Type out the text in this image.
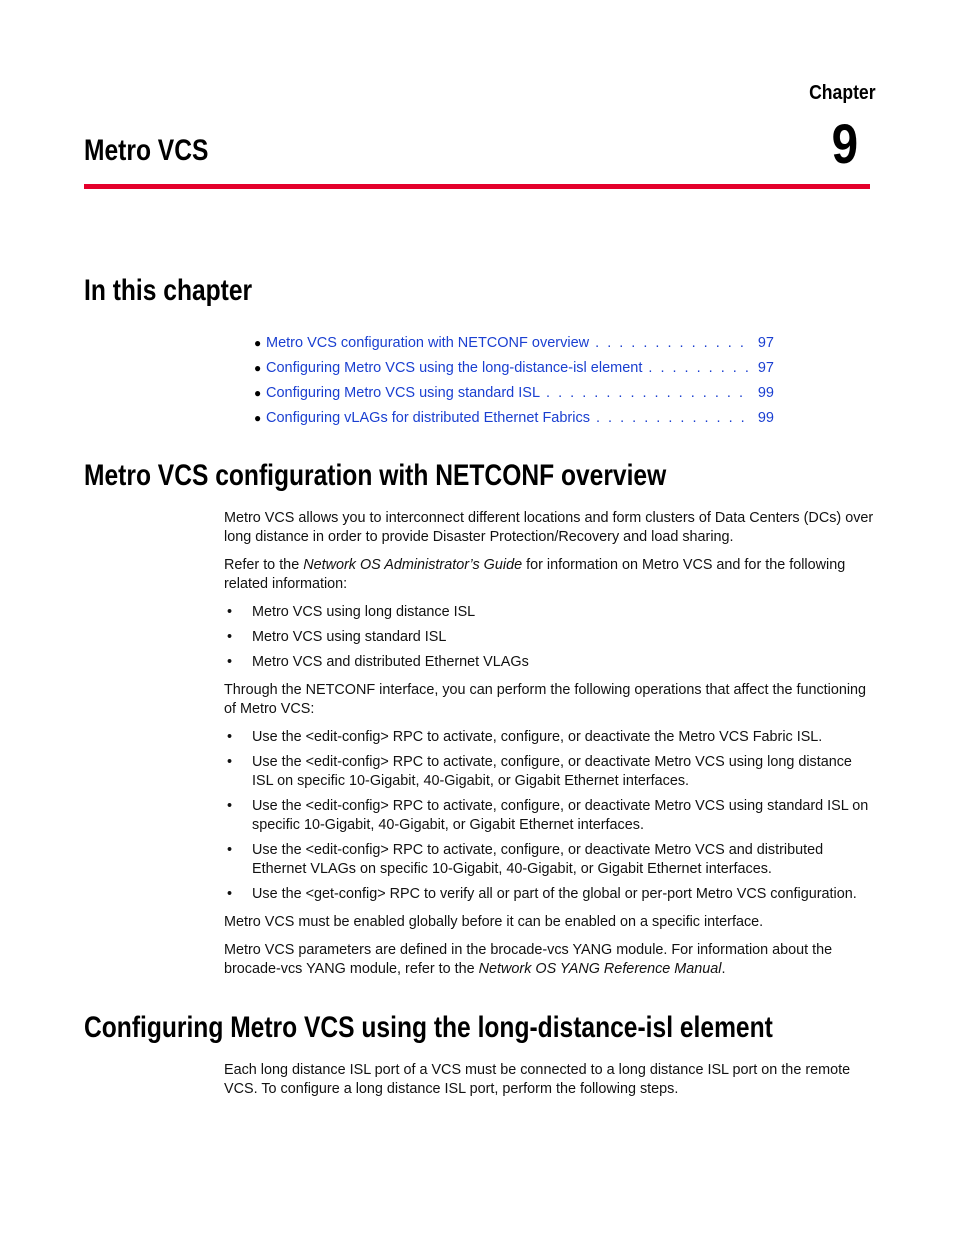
Chapter
9
Metro VCS
In this chapter
● Metro VCS configuration with NETCONF overview . . .	97
● Configuring Metro VCS using the long-distance-isl element . . .	97
● Configuring Metro VCS using standard ISL . . .	99
● Configuring vLAGs for distributed Ethernet Fabrics . . .	99
Metro VCS configuration with NETCONF overview

Metro VCS allows you to interconnect different locations and form clusters of Data Centers (DCs) over long distance in order to provide Disaster Protection/Recovery and load sharing.

Refer to the Network OS Administrator’s Guide for information on Metro VCS and for the following related information:

• Metro VCS using long distance ISL
• Metro VCS using standard ISL
• Metro VCS and distributed Ethernet VLAGs

Through the NETCONF interface, you can perform the following operations that affect the functioning of Metro VCS:

• Use the <edit-config> RPC to activate, configure, or deactivate the Metro VCS Fabric ISL.
• Use the <edit-config> RPC to activate, configure, or deactivate Metro VCS using long distance ISL on specific 10-Gigabit, 40-Gigabit, or Gigabit Ethernet interfaces.
• Use the <edit-config> RPC to activate, configure, or deactivate Metro VCS using standard ISL on specific 10-Gigabit, 40-Gigabit, or Gigabit Ethernet interfaces.
• Use the <edit-config> RPC to activate, configure, or deactivate Metro VCS and distributed Ethernet VLAGs on specific 10-Gigabit, 40-Gigabit, or Gigabit Ethernet interfaces.
• Use the <get-config> RPC to verify all or part of the global or per-port Metro VCS configuration.

Metro VCS must be enabled globally before it can be enabled on a specific interface.

Metro VCS parameters are defined in the brocade-vcs YANG module. For information about the brocade-vcs YANG module, refer to the Network OS YANG Reference Manual.

Configuring Metro VCS using the long-distance-isl element

Each long distance ISL port of a VCS must be connected to a long distance ISL port on the remote VCS. To configure a long distance ISL port, perform the following steps.
